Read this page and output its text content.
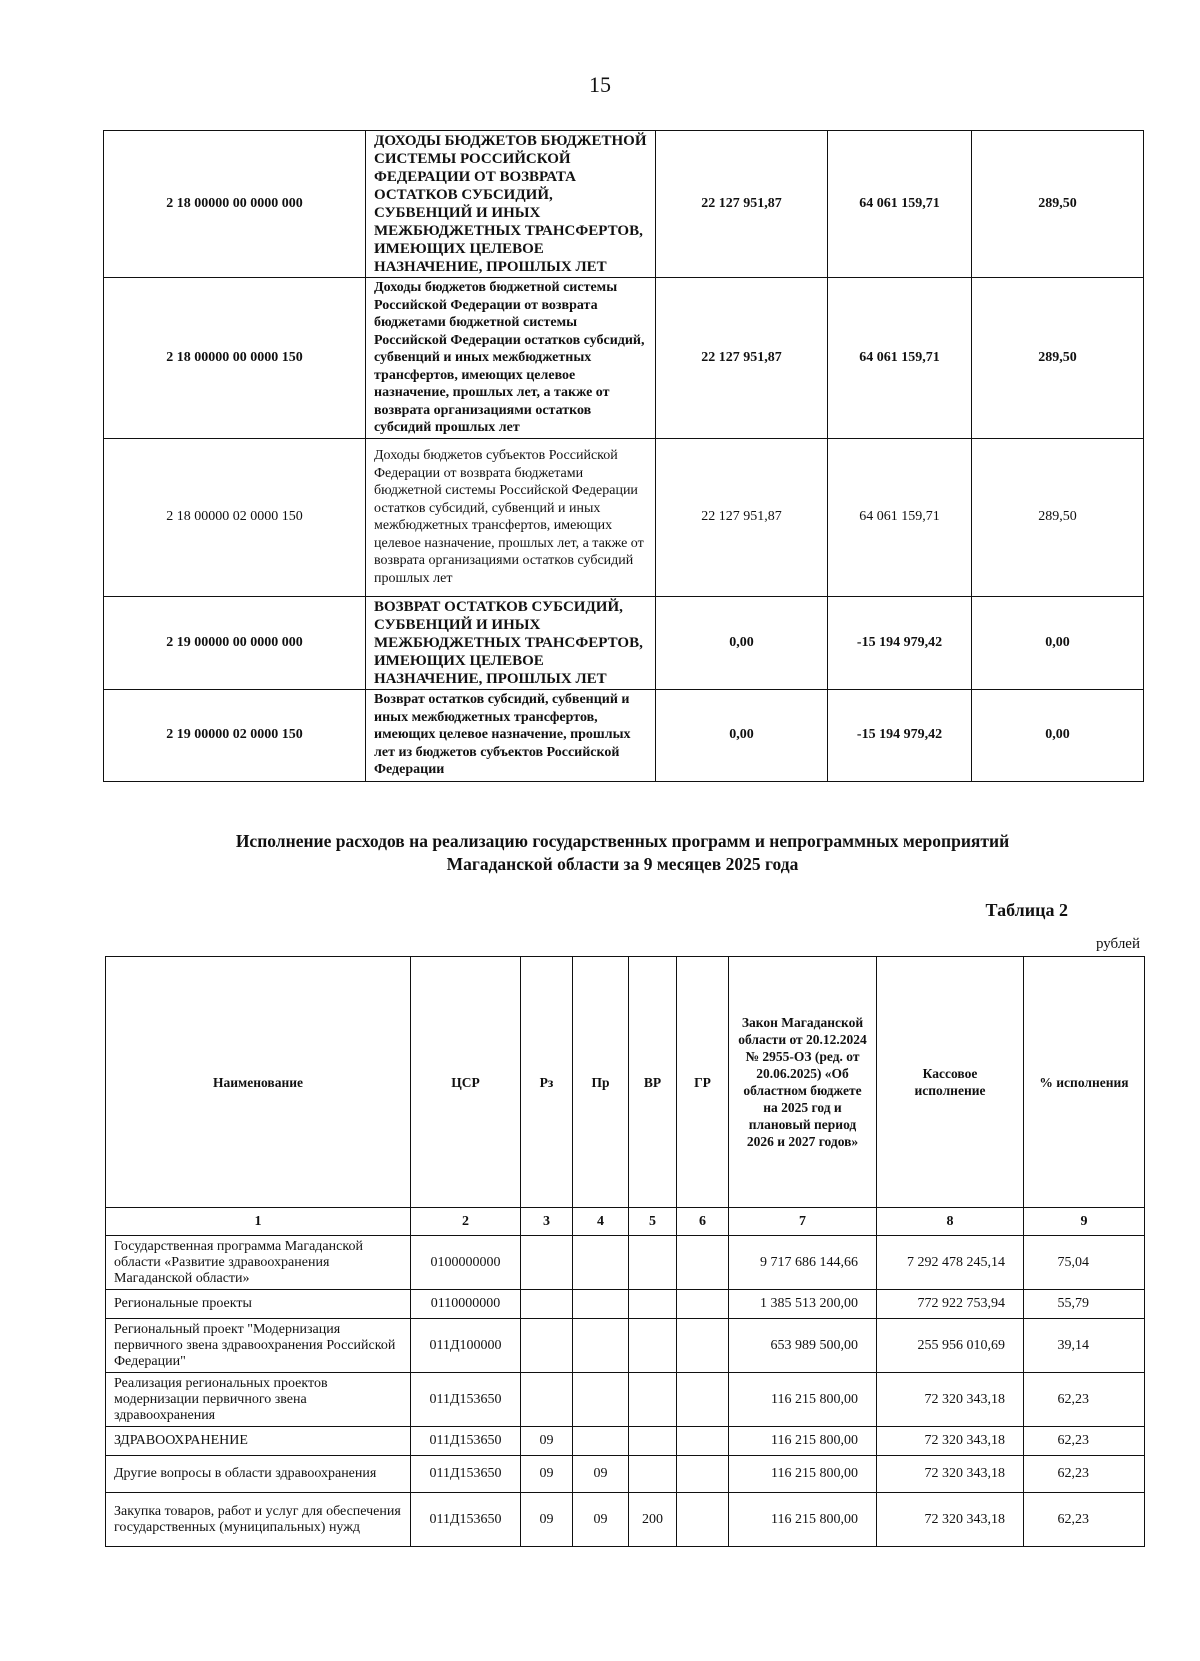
15
2 18 00000 00 0000 000	ДОХОДЫ БЮДЖЕТОВ БЮДЖЕТНОЙ СИСТЕМЫ РОССИЙСКОЙ ФЕДЕРАЦИИ ОТ ВОЗВРАТА ОСТАТКОВ СУБСИДИЙ, СУБВЕНЦИЙ И ИНЫХ МЕЖБЮДЖЕТНЫХ ТРАНСФЕРТОВ, ИМЕЮЩИХ ЦЕЛЕВОЕ НАЗНАЧЕНИЕ, ПРОШЛЫХ ЛЕТ	22 127 951,87	64 061 159,71	289,50
2 18 00000 00 0000 150	Доходы бюджетов бюджетной системы Российской Федерации от возврата бюджетами бюджетной системы Российской Федерации остатков субсидий, субвенций и иных межбюджетных трансфертов, имеющих целевое назначение, прошлых лет, а также от возврата организациями остатков субсидий прошлых лет	22 127 951,87	64 061 159,71	289,50
2 18 00000 02 0000 150	Доходы бюджетов субъектов Российской Федерации от возврата бюджетами бюджетной системы Российской Федерации остатков субсидий, субвенций и иных межбюджетных трансфертов, имеющих целевое назначение, прошлых лет, а также от возврата организациями остатков субсидий прошлых лет	22 127 951,87	64 061 159,71	289,50
2 19 00000 00 0000 000	ВОЗВРАТ ОСТАТКОВ СУБСИДИЙ, СУБВЕНЦИЙ И ИНЫХ МЕЖБЮДЖЕТНЫХ ТРАНСФЕРТОВ, ИМЕЮЩИХ ЦЕЛЕВОЕ НАЗНАЧЕНИЕ, ПРОШЛЫХ ЛЕТ	0,00	-15 194 979,42	0,00
2 19 00000 02 0000 150	Возврат остатков субсидий, субвенций и иных межбюджетных трансфертов, имеющих целевое назначение, прошлых лет из бюджетов субъектов Российской Федерации	0,00	-15 194 979,42	0,00
Исполнение расходов на реализацию государственных программ и непрограммных мероприятий
Магаданской области за 9 месяцев 2025 года
Таблица 2
рублей
Наименование	ЦСР	Рз	Пр	ВР	ГР	Закон Магаданской области от 20.12.2024 № 2955-ОЗ (ред. от 20.06.2025) «Об областном бюджете на 2025 год и плановый период 2026 и 2027 годов»	Кассовое исполнение	% исполнения
1	2	3	4	5	6	7	8	9
Государственная программа Магаданской области «Развитие здравоохранения Магаданской области»	0100000000					9 717 686 144,66	7 292 478 245,14	75,04
Региональные проекты	0110000000					1 385 513 200,00	772 922 753,94	55,79
Региональный проект "Модернизация первичного звена здравоохранения Российской Федерации"	011Д100000					653 989 500,00	255 956 010,69	39,14
Реализация региональных проектов модернизации первичного звена здравоохранения	011Д153650					116 215 800,00	72 320 343,18	62,23
ЗДРАВООХРАНЕНИЕ	011Д153650	09				116 215 800,00	72 320 343,18	62,23
Другие вопросы в области здравоохранения	011Д153650	09	09			116 215 800,00	72 320 343,18	62,23
Закупка товаров, работ и услуг для обеспечения государственных (муниципальных) нужд	011Д153650	09	09	200		116 215 800,00	72 320 343,18	62,23
